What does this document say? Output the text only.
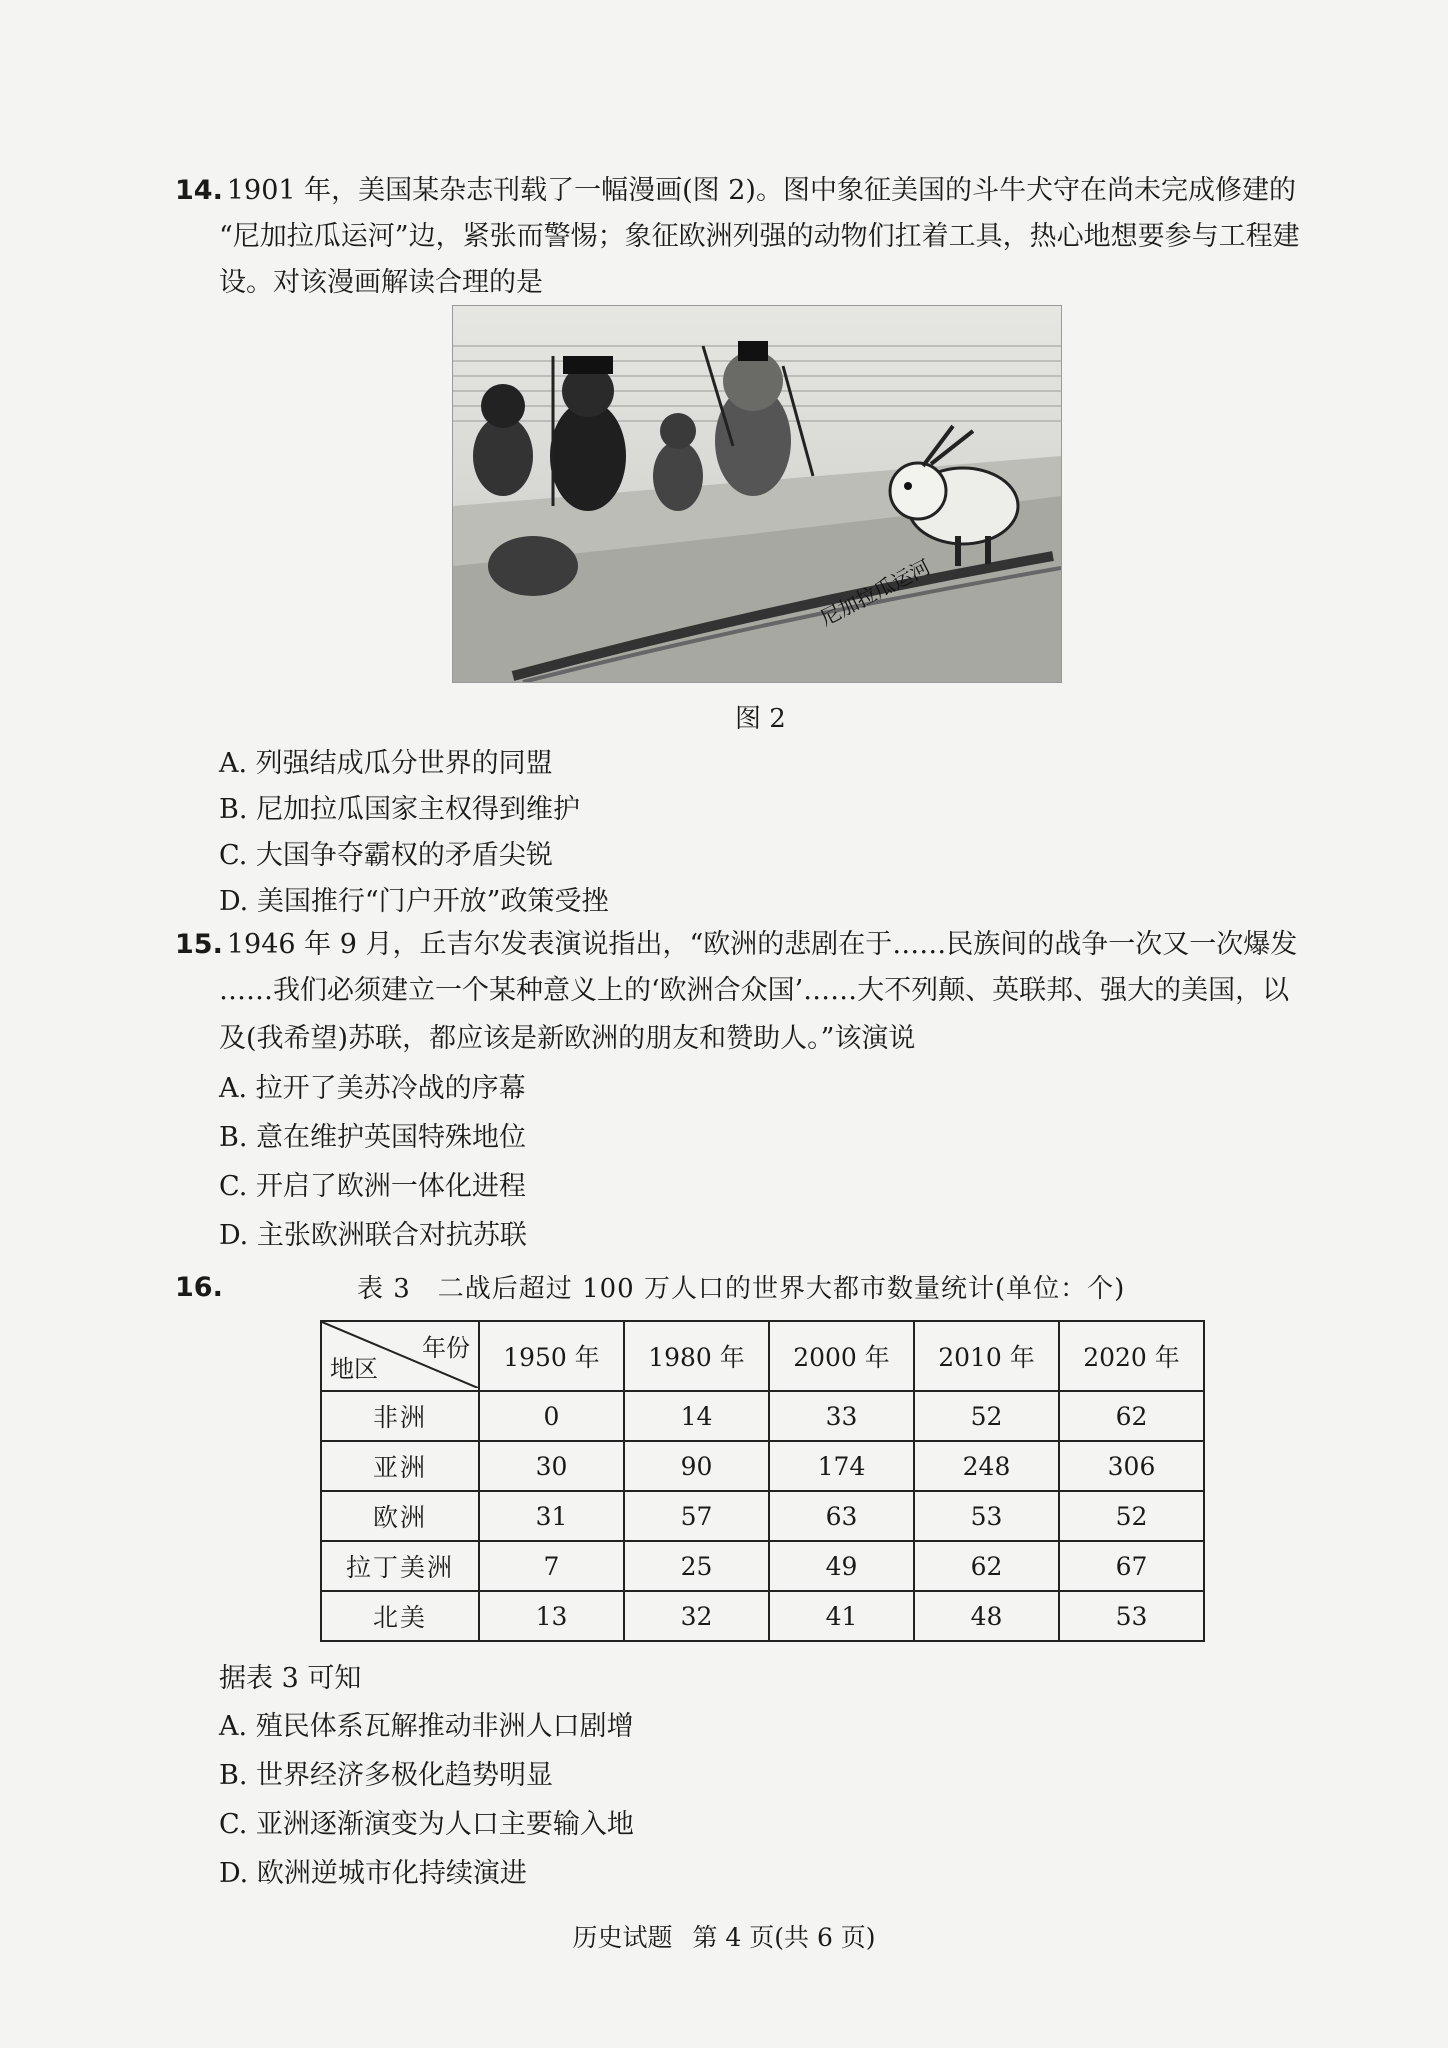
14. 1901 年，美国某杂志刊载了一幅漫画(图 2)。图中象征美国的斗牛犬守在尚未完成修建的
“尼加拉瓜运河”边，紧张而警惕；象征欧洲列强的动物们扛着工具，热心地想要参与工程建
设。对该漫画解读合理的是
尼加拉瓜运河
图 2
A. 列强结成瓜分世界的同盟
B. 尼加拉瓜国家主权得到维护
C. 大国争夺霸权的矛盾尖锐
D. 美国推行“门户开放”政策受挫
15. 1946 年 9 月，丘吉尔发表演说指出，“欧洲的悲剧在于……民族间的战争一次又一次爆发
……我们必须建立一个某种意义上的‘欧洲合众国’……大不列颠、英联邦、强大的美国，以
及(我希望)苏联，都应该是新欧洲的朋友和赞助人。”该演说
A. 拉开了美苏冷战的序幕
B. 意在维护英国特殊地位
C. 开启了欧洲一体化进程
D. 主张欧洲联合对抗苏联
16.	表 3　二战后超过 100 万人口的世界大都市数量统计(单位：个)
年份
地区	1950 年	1980 年	2000 年	2010 年	2020 年
非洲	0	14	33	52	62
亚洲	30	90	174	248	306
欧洲	31	57	63	53	52
拉丁美洲	7	25	49	62	67
北美	13	32	41	48	53
据表 3 可知
A. 殖民体系瓦解推动非洲人口剧增
B. 世界经济多极化趋势明显
C. 亚洲逐渐演变为人口主要输入地
D. 欧洲逆城市化持续演进
历史试题 第 4 页(共 6 页)
